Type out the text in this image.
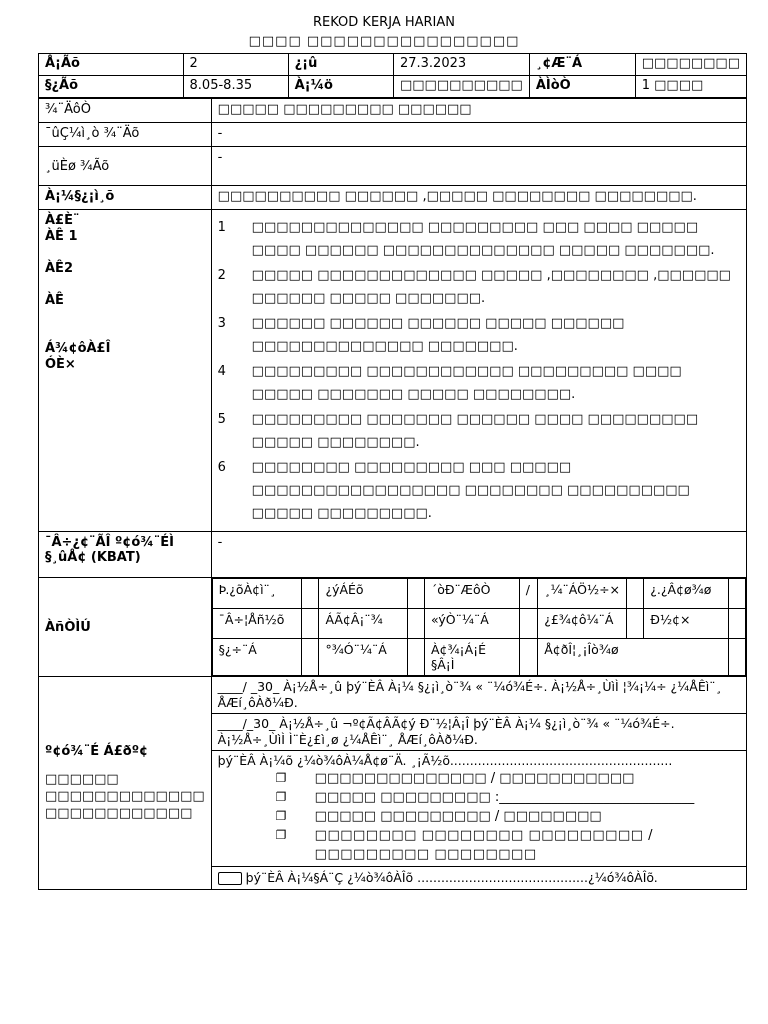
REKOD KERJA HARIAN
□□□□ □□□□□□□□□□□□□□□□
Å¡Ãõ	2	¿¡û	27.3.2023	¸¢Æ¨Á	□□□□□□□□
§¿Ãõ	8.05-8.35	À¡¼ö	□□□□□□□□□□	ÀÌòÒ	1 □□□□
¾¨ÄôÒ	□□□□□ □□□□□□□□□ □□□□□□
¯ûÇ¼ì¸ò ¾¨Äõ	-
¸üÈø ¾Ãõ	-
À¡¼§¿¡ì¸õ	□□□□□□□□□□ □□□□□□ ,□□□□□ □□□□□□□□ □□□□□□□□.

À£È¨
ÀÊ 1
ÀÊ2
ÀÊ
Á¾¢ôÀ£Î
ÓÈ×

1	□□□□□□□□□□□□□□ □□□□□□□□□ □□□ □□□□ □□□□□ □□□□ □□□□□□ □□□□□□□□□□□□□□ □□□□□ □□□□□□□.
2	□□□□□ □□□□□□□□□□□□□ □□□□□ ,□□□□□□□□ ,□□□□□□ □□□□□□ □□□□□ □□□□□□□.
3	□□□□□□ □□□□□□ □□□□□□ □□□□□ □□□□□□ □□□□□□□□□□□□□□ □□□□□□□.
4	□□□□□□□□□ □□□□□□□□□□□□ □□□□□□□□□ □□□□ □□□□□ □□□□□□□ □□□□□ □□□□□□□□.
5	□□□□□□□□□ □□□□□□□ □□□□□□ □□□□ □□□□□□□□□ □□□□□ □□□□□□□□.
6	□□□□□□□□ □□□□□□□□□ □□□ □□□□□ □□□□□□□□□□□□□□□□□ □□□□□□□□ □□□□□□□□□□ □□□□□ □□□□□□□□□.

¯Â÷¿¢¨ÃÎ º¢ó¾¨ÉÌ §¸ûÅ¢ (KBAT)	-
ÀñÒÌÚ	
Þ.¿õÀ¢ì¨¸		¿ýÁÉõ		´òÐ¨ÆôÒ	/	¸¼¨ÁÖ½÷×		¿.¿Â¢ø¾ø	
¯Â÷¦Åñ½õ		ÁÃ¢Â¡¨¾		«ýÒ¨¼¨Á		¿£¾¢ô¼¨Á		Ð½¢×	
§¿÷¨Á		°¾Ó¨¼¨Á		À¢¾¡Á¡É §Â¡Ì		Å¢ðÎ¦¸¡Îò¾ø	

º¢ó¾¨É Á£ðº¢
□□□□□□ □□□□□□□□□□□□□ □□□□□□□□□□□□

____/ _30_ À¡½Å÷¸û þý¨ÈÂ À¡¼ §¿¡ì¸ò¨¾ « ¨¼ó¾É÷. À¡½Å÷¸ÙìÌ ¦¾¡¼÷ ¿¼ÅÊì¨¸ ÅÆí¸ôÀð¼Ð.
____/_30_ À¡½Å÷¸û ¬º¢Ã¢ÂÃ¢ý Ð¨½¦Â¡Î þý¨ÈÂ À¡¼ §¿¡ì¸ò¨¾ « ¨¼ó¾É÷. À¡½Å÷¸ÙìÌ Ì¨È¿£ì¸ø ¿¼ÅÊì¨¸ ÅÆí¸ôÀð¼Ð.
þý¨ÈÂ À¡¼õ ¿¼ò¾ôÀ¼Å¢ø¨Ä. ¸¡Ã½õ........................................................
❐ □□□□□□□□□□□□□□ / □□□□□□□□□□□
❐ □□□□□ □□□□□□□□□ :______________________________
❐ □□□□□ □□□□□□□□□ / □□□□□□□□
❐ □□□□□□□□ □□□□□□□□ □□□□□□□□□ / □□□□□□□□□ □□□□□□□□
þý¨ÈÂ À¡¼§Á¨Ç ¿¼ò¾ôÀÎõ ...........................................¿¼ó¾ôÀÎõ.
